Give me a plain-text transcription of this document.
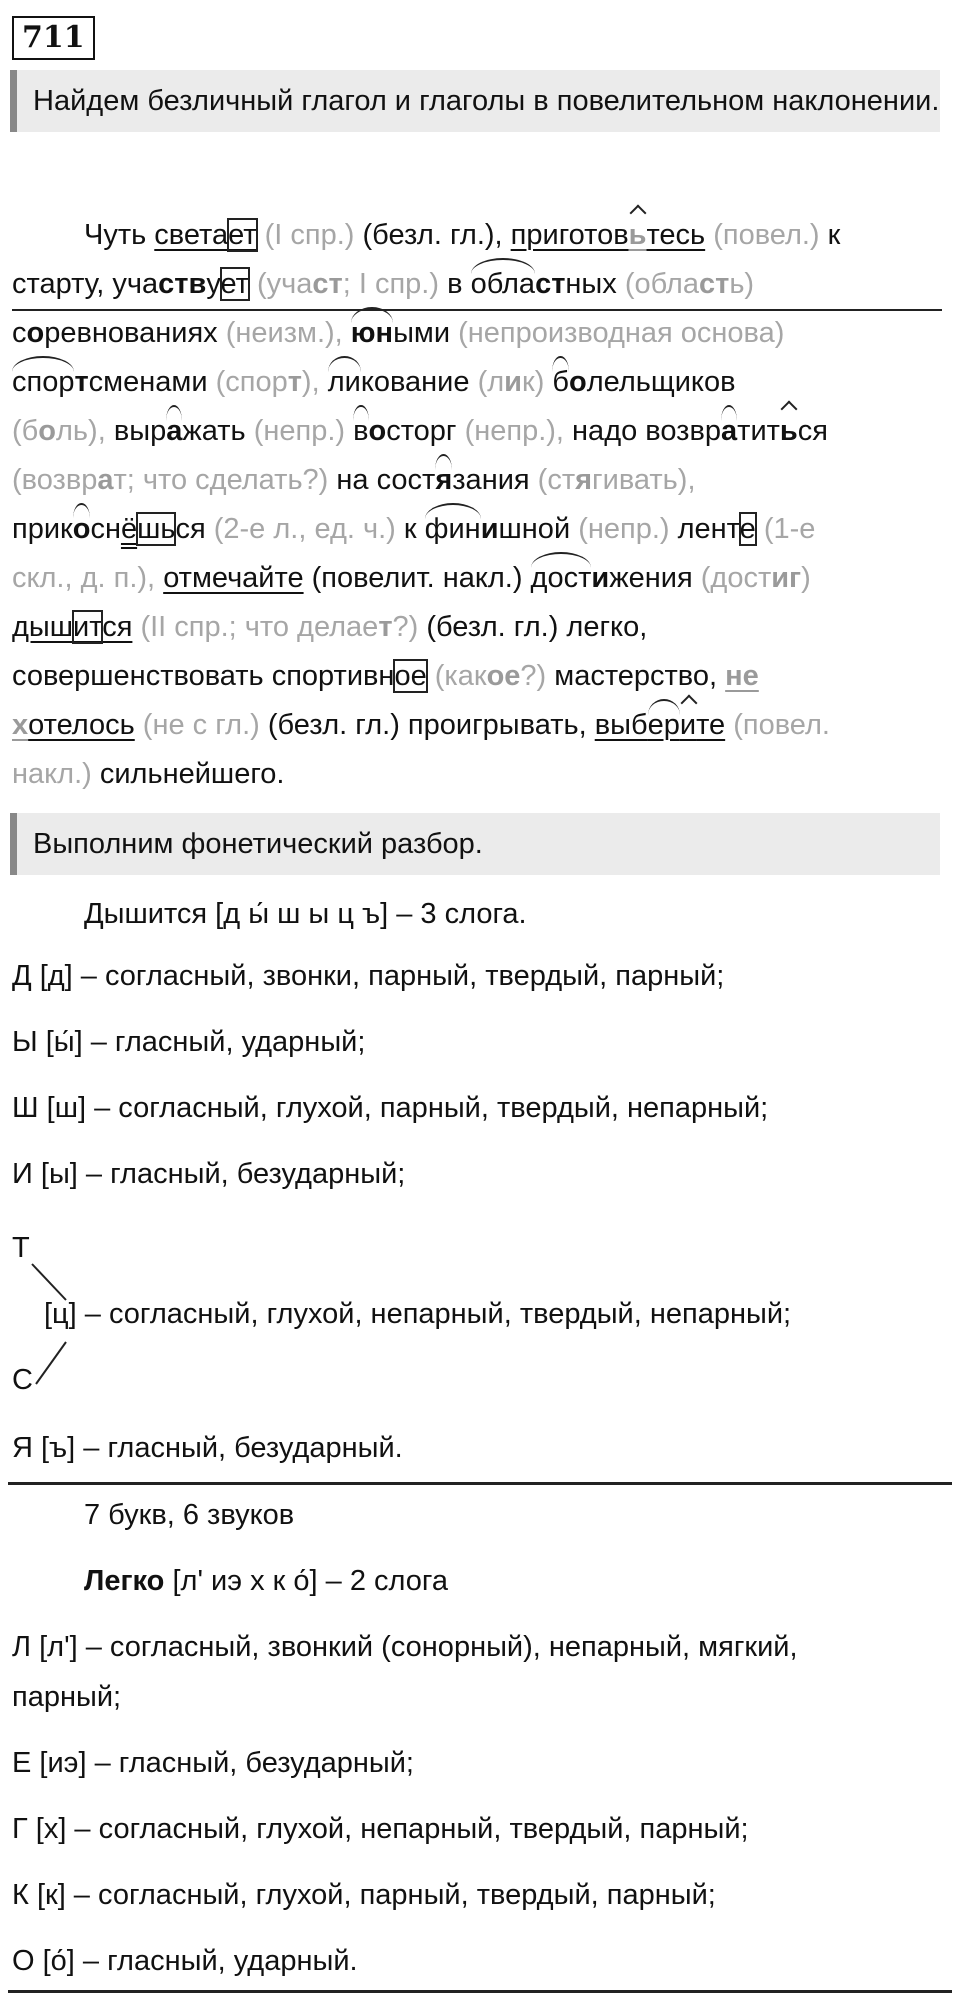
711
Найдем безличный глагол и глаголы в повелительном наклонении.
Чуть светает (I спр.) (безл. гл.), приготовьтесь (повел.) к
старту, участвует (участ; I спр.) в областных (область)
соревнованиях (неизм.), юными (непроизводная основа)
спортсменами (спорт), ликование (лик) болельщиков
(боль), выражать (непр.) восторг (непр.), надо возвратиться
(возврат; что сделать?) на состязания (стягивать),
прикоснёшься (2-е л., ед. ч.) к финишной (непр.) ленте (1-е
скл., д. п.), отмечайте (повелит. накл.) достижения (достиг)
дышится (II спр.; что делает?) (безл. гл.) легко,
совершенствовать спортивное (какое?) мастерство, не
хотелось (не с гл.) (безл. гл.) проигрывать, выберите (повел.
накл.) сильнейшего.
Выполним фонетический разбор.
Дышится [д ы́ ш ы ц ъ] – 3 слога.
Д [д] – согласный, звонки, парный, твердый, парный;
Ы [ы́] – гласный, ударный;
Ш [ш] – согласный, глухой, парный, твердый, непарный;
И [ы] – гласный, безударный;
Т
[ц] – согласный, глухой, непарный, твердый, непарный;
С
Я [ъ] – гласный, безударный.
7 букв, 6 звуков
Легко [л' иэ х к о́] – 2 слога
Л [л'] – согласный, звонкий (сонорный), непарный, мягкий,
парный;
Е [иэ] – гласный, безударный;
Г [х] – согласный, глухой, непарный, твердый, парный;
К [к] – согласный, глухой, парный, твердый, парный;
О [о́] – гласный, ударный.
